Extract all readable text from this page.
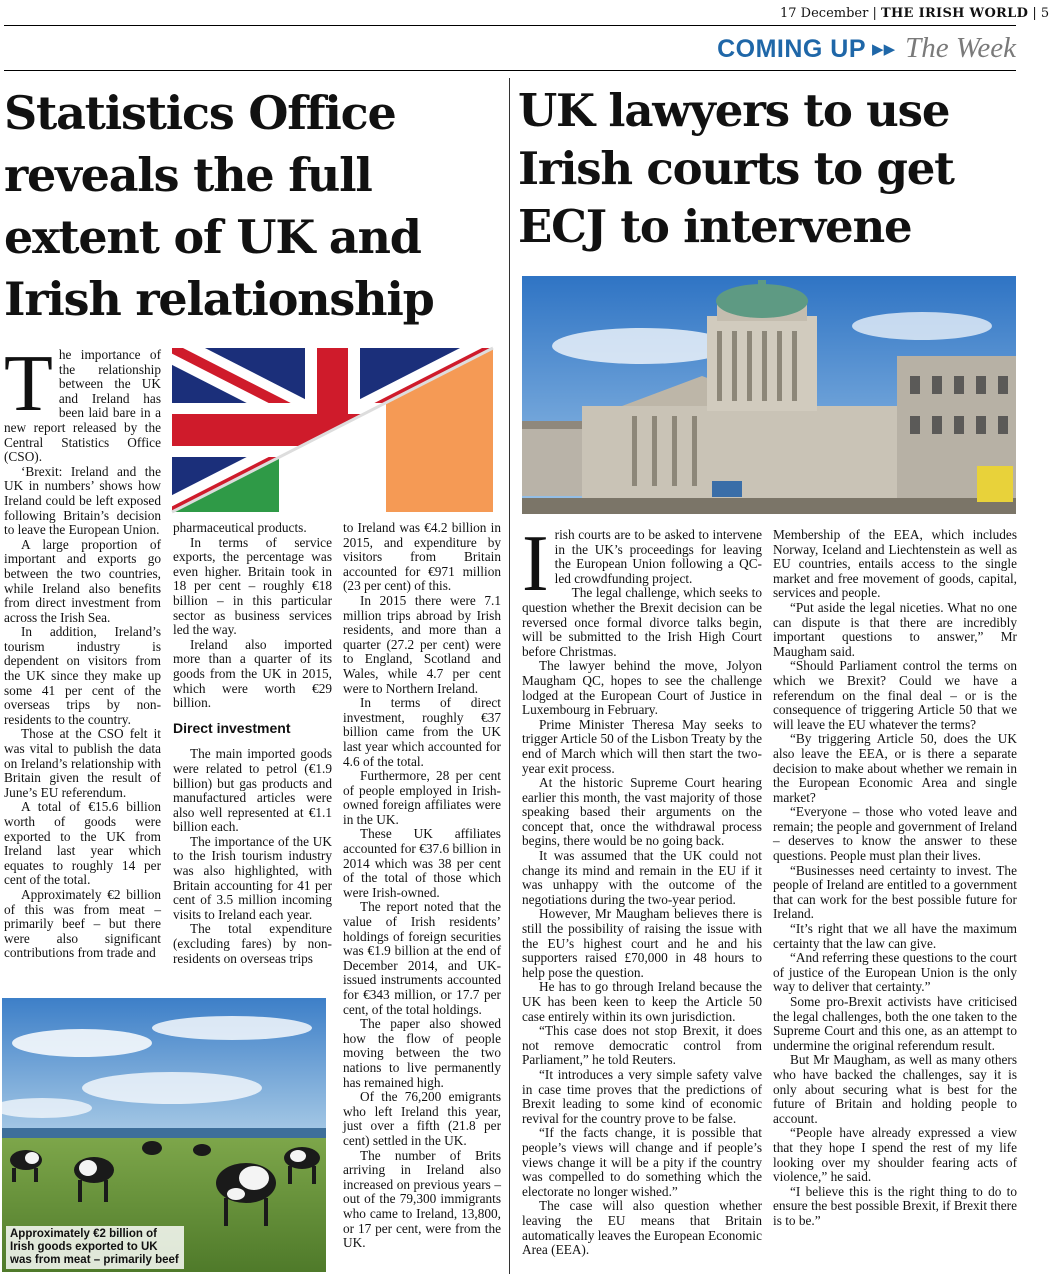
17 December | THE IRISH WORLD | 5
COMING UP ▶▶ The Week
Statistics Office reveals the full extent of UK and Irish relationship
T he importance of the relationship between the UK and Ireland has been laid bare in a new report released by the Central Statistics Office (CSO).

‘Brexit: Ireland and the UK in numbers’ shows how Ireland could be left exposed following Britain’s decision to leave the European Union.

A large proportion of important and exports go between the two countries, while Ireland also benefits from direct investment from across the Irish Sea.

In addition, Ireland’s tourism industry is dependent on visitors from the UK since they make up some 41 per cent of the overseas trips by non-residents to the country.

Those at the CSO felt it was vital to publish the data on Ireland’s relationship with Britain given the result of June’s EU referendum.

A total of €15.6 billion worth of goods were exported to the UK from Ireland last year which equates to roughly 14 per cent of the total.

Approximately €2 billion of this was from meat – primarily beef – but there were also significant contributions from trade and

pharmaceutical products.

In terms of service exports, the percentage was even higher. Britain took in 18 per cent – roughly €18 billion – in this particular sector as business services led the way.

Ireland also imported more than a quarter of its goods from the UK in 2015, which were worth €29 billion.

Direct investment

The main imported goods were related to petrol (€1.9 billion) but gas products and manufactured articles were also well represented at €1.1 billion each.

The importance of the UK to the Irish tourism industry was also highlighted, with Britain accounting for 41 per cent of 3.5 million incoming visits to Ireland each year.

The total expenditure (excluding fares) by non-residents on overseas trips

to Ireland was €4.2 billion in 2015, and expenditure by visitors from Britain accounted for €971 million (23 per cent) of this.

In 2015 there were 7.1 million trips abroad by Irish residents, and more than a quarter (27.2 per cent) were to England, Scotland and Wales, while 4.7 per cent were to Northern Ireland.

In terms of direct investment, roughly €37 billion came from the UK last year which accounted for 4.6 of the total.

Furthermore, 28 per cent of people employed in Irish-owned foreign affiliates were in the UK.

These UK affiliates accounted for €37.6 billion in 2014 which was 38 per cent of the total of those which were Irish-owned.

The report noted that the value of Irish residents’ holdings of foreign securities was €1.9 billion at the end of December 2014, and UK-issued instruments accounted for €343 million, or 17.7 per cent, of the total holdings.

The paper also showed how the flow of people moving between the two nations to live permanently has remained high.

Of the 76,200 emigrants who left Ireland this year, just over a fifth (21.8 per cent) settled in the UK.

The number of Brits arriving in Ireland also increased on previous years – out of the 79,300 immigrants who came to Ireland, 13,800, or 17 per cent, were from the UK.

Approximately €2 billion of Irish goods exported to UK was from meat – primarily beef
UK lawyers to use Irish courts to get ECJ to intervene
I rish courts are to be asked to intervene in the UK’s proceedings for leaving the European Union following a QC-led crowdfunding project.

The legal challenge, which seeks to question whether the Brexit decision can be reversed once formal divorce talks begin, will be submitted to the Irish High Court before Christmas.

The lawyer behind the move, Jolyon Maugham QC, hopes to see the challenge lodged at the European Court of Justice in Luxembourg in February.

Prime Minister Theresa May seeks to trigger Article 50 of the Lisbon Treaty by the end of March which will then start the two-year exit process.

At the historic Supreme Court hearing earlier this month, the vast majority of those speaking based their arguments on the concept that, once the withdrawal process begins, there would be no going back.

It was assumed that the UK could not change its mind and remain in the EU if it was unhappy with the outcome of the negotiations during the two-year period.

However, Mr Maugham believes there is still the possibility of raising the issue with the EU’s highest court and he and his supporters raised £70,000 in 48 hours to help pose the question.

He has to go through Ireland because the UK has been keen to keep the Article 50 case entirely within its own jurisdiction.

“This case does not stop Brexit, it does not remove democratic control from Parliament,” he told Reuters.

“It introduces a very simple safety valve in case time proves that the predictions of Brexit leading to some kind of economic revival for the country prove to be false.

“If the facts change, it is possible that people’s views will change and if people’s views change it will be a pity if the country was compelled to do something which the electorate no longer wished.”

The case will also question whether leaving the EU means that Britain automatically leaves the European Economic Area (EEA).

Membership of the EEA, which includes Norway, Iceland and Liechtenstein as well as EU countries, entails access to the single market and free movement of goods, capital, services and people.

“Put aside the legal niceties. What no one can dispute is that there are incredibly important questions to answer,” Mr Maugham said.

“Should Parliament control the terms on which we Brexit? Could we have a referendum on the final deal – or is the consequence of triggering Article 50 that we will leave the EU whatever the terms?

“By triggering Article 50, does the UK also leave the EEA, or is there a separate decision to make about whether we remain in the European Economic Area and single market?

“Everyone – those who voted leave and remain; the people and government of Ireland – deserves to know the answer to these questions. People must plan their lives.

“Businesses need certainty to invest. The people of Ireland are entitled to a government that can work for the best possible future for Ireland.

“It’s right that we all have the maximum certainty that the law can give.

“And referring these questions to the court of justice of the European Union is the only way to deliver that certainty.”

Some pro-Brexit activists have criticised the legal challenges, both the one taken to the Supreme Court and this one, as an attempt to undermine the original referendum result.

But Mr Maugham, as well as many others who have backed the challenges, say it is only about securing what is best for the future of Britain and holding people to account.

“People have already expressed a view that they hope I spend the rest of my life looking over my shoulder fearing acts of violence,” he said.

“I believe this is the right thing to do to ensure the best possible Brexit, if Brexit there is to be.”
